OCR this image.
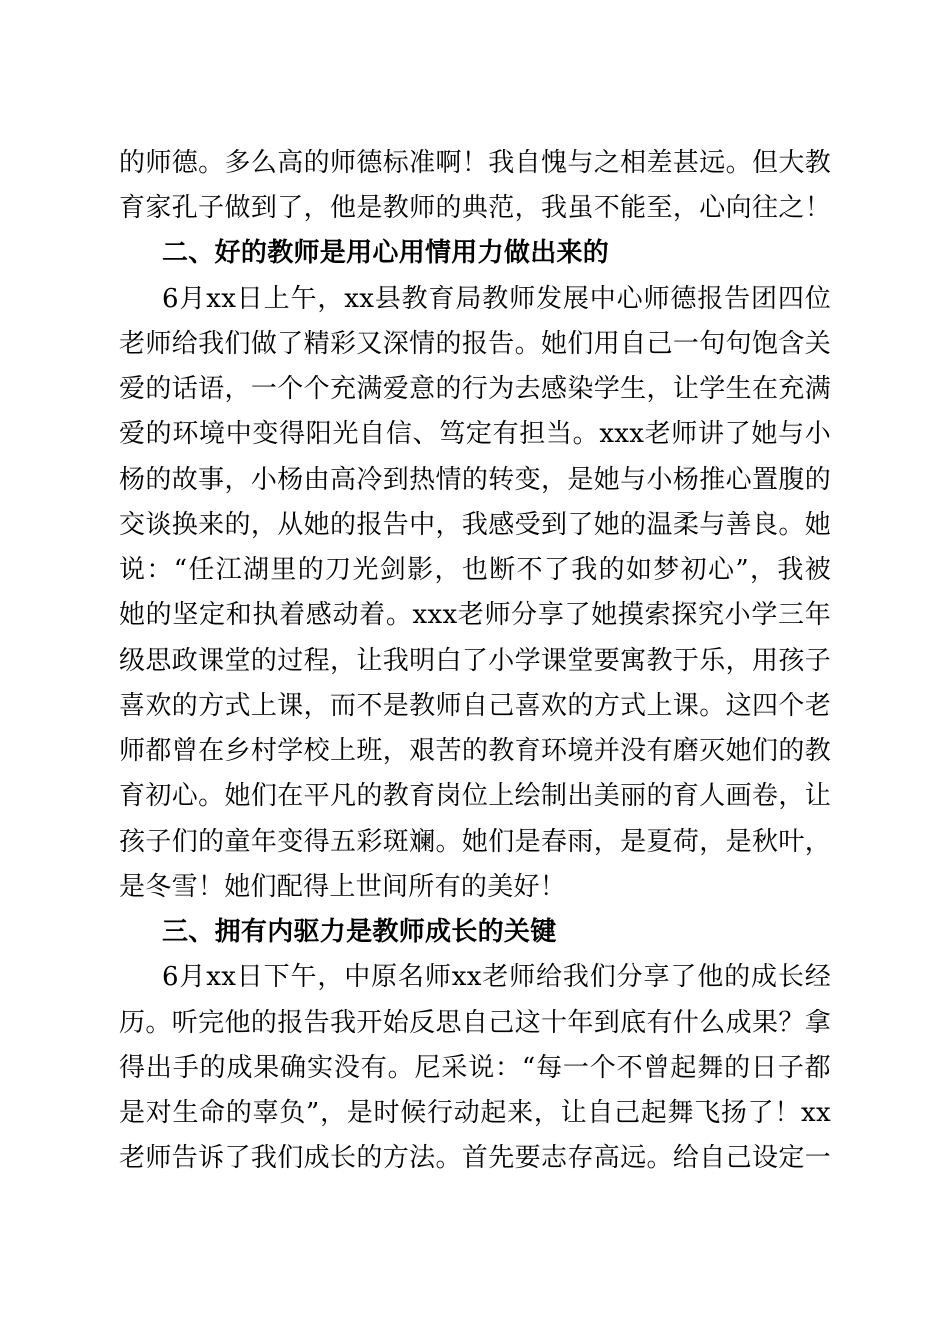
的师德。多么高的师德标准啊！我自愧与之相差甚远。但大教
育家孔子做到了，他是教师的典范，我虽不能至，心向往之！
二、好的教师是用心用情用力做出来的
6月xx日上午，xx县教育局教师发展中心师德报告团四位
老师给我们做了精彩又深情的报告。她们用自己一句句饱含关
爱的话语，一个个充满爱意的行为去感染学生，让学生在充满
爱的环境中变得阳光自信、笃定有担当。xxx老师讲了她与小
杨的故事，小杨由高冷到热情的转变，是她与小杨推心置腹的
交谈换来的，从她的报告中，我感受到了她的温柔与善良。她
说：“任江湖里的刀光剑影，也断不了我的如梦初心”，我被
她的坚定和执着感动着。xxx老师分享了她摸索探究小学三年
级思政课堂的过程，让我明白了小学课堂要寓教于乐，用孩子
喜欢的方式上课，而不是教师自己喜欢的方式上课。这四个老
师都曾在乡村学校上班，艰苦的教育环境并没有磨灭她们的教
育初心。她们在平凡的教育岗位上绘制出美丽的育人画卷，让
孩子们的童年变得五彩斑斓。她们是春雨，是夏荷，是秋叶，
是冬雪！她们配得上世间所有的美好！
三、拥有内驱力是教师成长的关键
6月xx日下午，中原名师xx老师给我们分享了他的成长经
历。听完他的报告我开始反思自己这十年到底有什么成果？拿
得出手的成果确实没有。尼采说：“每一个不曾起舞的日子都
是对生命的辜负”，是时候行动起来，让自己起舞飞扬了！xx
老师告诉了我们成长的方法。首先要志存高远。给自己设定一
